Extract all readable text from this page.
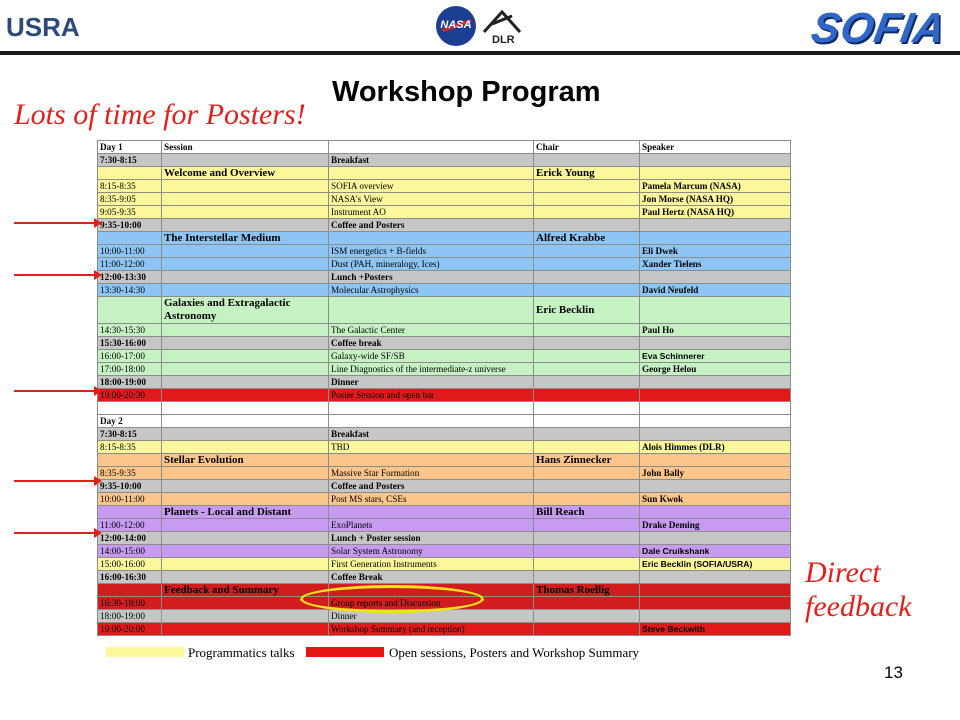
USRA	NASA
DLR	SOFIA
Workshop Program
Lots of time for Posters!
Direct
feedback
Day 1	Session		Chair	Speaker
7:30-8:15		Breakfast		
	Welcome and Overview		Erick Young	
8:15-8:35		SOFIA overview		Pamela Marcum (NASA)
8:35-9:05		NASA's View		Jon Morse (NASA HQ)
9:05-9:35		Instrument AO		Paul Hertz (NASA HQ)
9:35-10:00		Coffee and Posters		
	The Interstellar Medium		Alfred Krabbe	
10:00-11:00		ISM energetics + B-fields		Eli Dwek
11:00-12:00		Dust (PAH, mineralogy, Ices)		Xander Tielens
12:00-13:30		Lunch +Posters		
13:30-14:30		Molecular Astrophysics		David Neufeld
	Galaxies and Extragalactic Astronomy		Eric Becklin	
14:30-15:30		The Galactic Center		Paul Ho
15:30-16:00		Coffee break		
16:00-17:00		Galaxy-wide SF/SB		Eva Schinnerer
17:00-18:00		Line Diagnostics of the intermediate-z universe		George Helou
18:00-19:00		Dinner		
19:00-20:30		Poster Session and open bar		

Day 2				
7:30-8:15		Breakfast		
8:15-8:35		TBD		Alois Himmes (DLR)
	Stellar Evolution		Hans Zinnecker	
8:35-9:35		Massive Star Formation		John Bally
9:35-10:00		Coffee and Posters		
10:00-11:00		Post MS stars, CSEs		Sun Kwok
	Planets - Local and Distant		Bill Reach	
11:00-12:00		ExoPlanets		Drake Deming
12:00-14:00		Lunch + Poster session		
14:00-15:00		Solar System Astronomy		Dale Cruikshank
15:00-16:00		First Generation Instruments		Eric Becklin (SOFIA/USRA)
16:00-16:30		Coffee Break		
	Feedback and Summary		Thomas Roellig	
16:30-18:00		Group reports and Discussion		
18:00-19:00		Dinner		
19:00-20:00		Workshop Summary (and reception)		Steve Beckwith
Programmatics talks	Open sessions, Posters and Workshop Summary
13
